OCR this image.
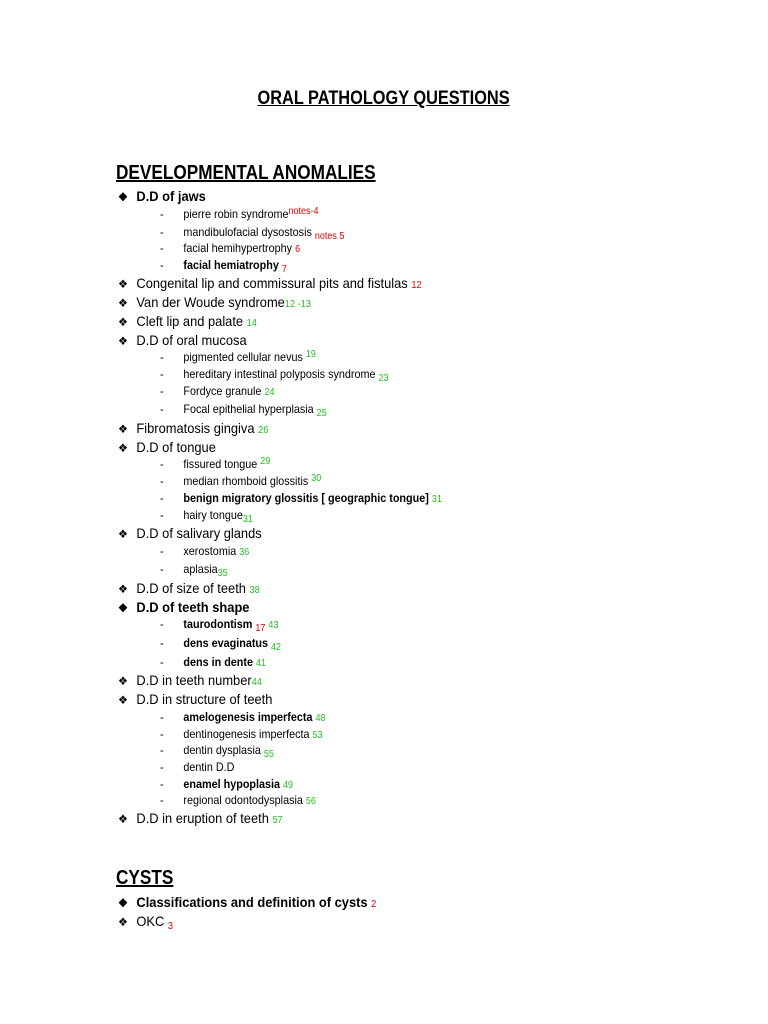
ORAL PATHOLOGY QUESTIONS
DEVELOPMENTAL ANOMALIES
❖ D.D of jaws
- pierre robin syndrome$^{notes-4}$
- mandibulofacial dysostosis $_{notes 5}$
- facial hemihypertrophy 6
- facial hemiatrophy $_7$
❖ Congenital lip and commissural pits and fistulas 12
❖ Van der Woude syndrome12 -13
❖ Cleft lip and palate 14
❖ D.D of oral mucosa
- pigmented cellular nevus $^{19}$
- hereditary intestinal polyposis syndrome $_{23}$
- Fordyce granule 24
- Focal epithelial hyperplasia $_{25}$
❖ Fibromatosis gingiva 26
❖ D.D of tongue
- fissured tongue $^{29}$
- median rhomboid glossitis $^{30}$
- benign migratory glossitis [ geographic tongue] 31
- hairy tongue$_{31}$
❖ D.D of salivary glands
- xerostomia 36
- aplasia$_{35}$
❖ D.D of size of teeth 38
❖ D.D of teeth shape
- taurodontism $_{17}$ 43
- dens evaginatus $_{42}$
- dens in dente 41
❖ D.D in teeth number44
❖ D.D in structure of teeth
- amelogenesis imperfecta 48
- dentinogenesis imperfecta 53
- dentin dysplasia $_{55}$
- dentin D.D
- enamel hypoplasia 49
- regional odontodysplasia 56
❖ D.D in eruption of teeth 57
CYSTS
❖ Classifications and definition of cysts 2
❖ OKC $_3$
